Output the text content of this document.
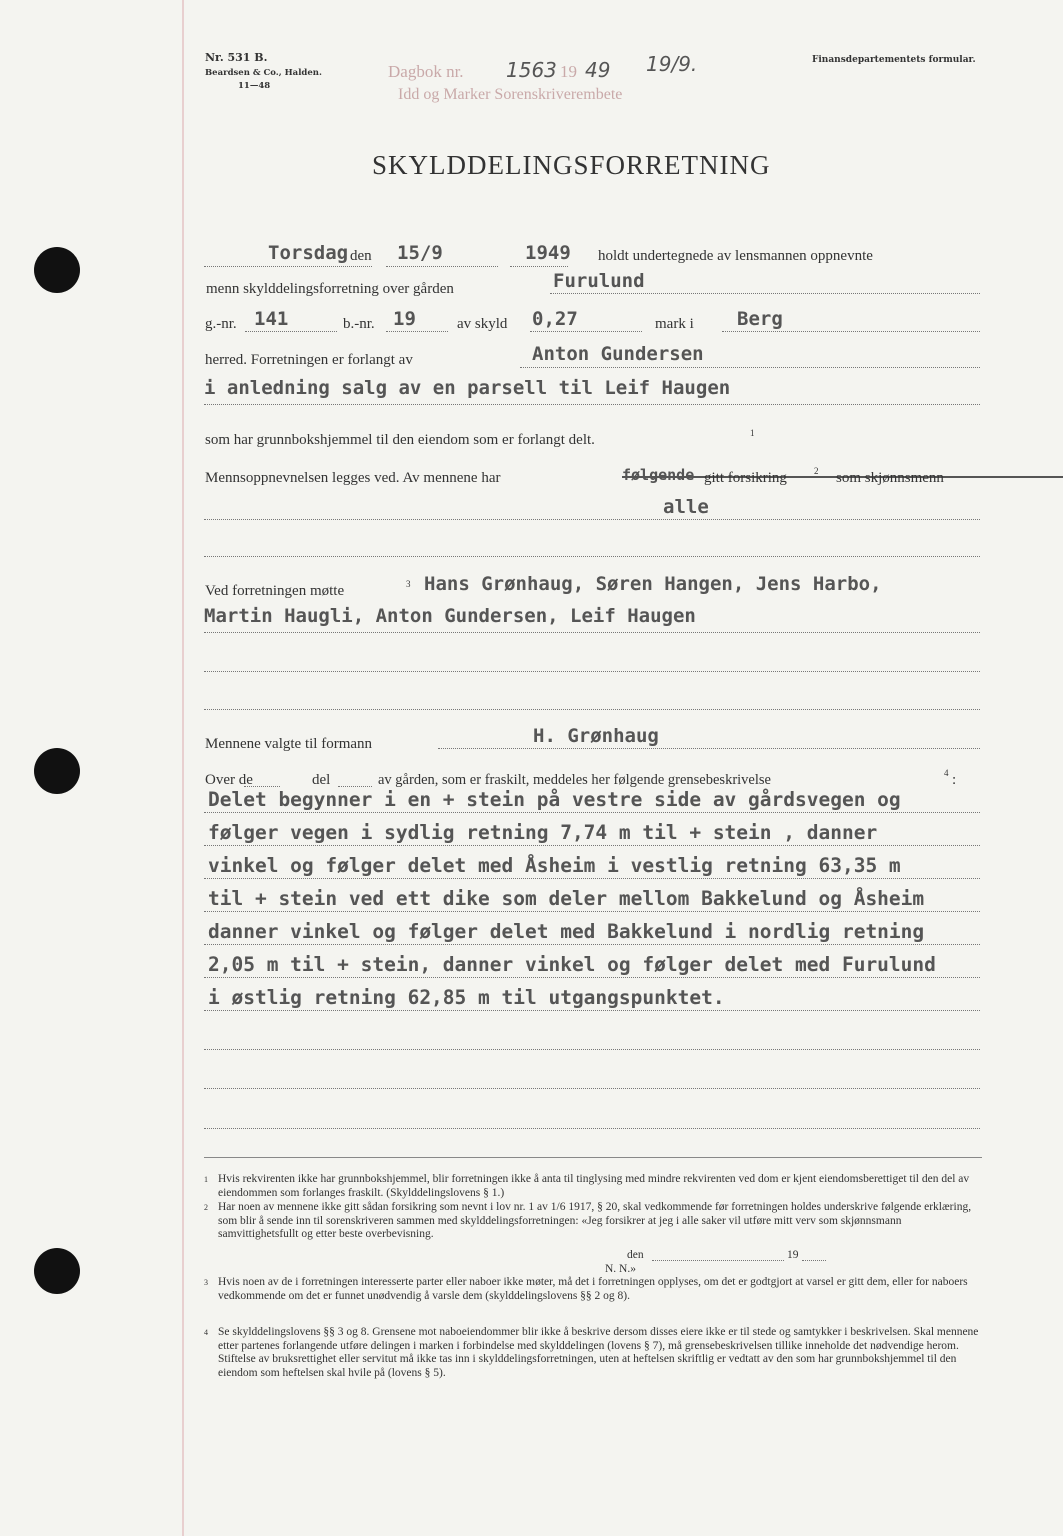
Nr. 531 B.
Beardsen & Co., Halden.
11—48
Finansdepartementets formular.
Dagbok nr. 1563 19 49 19/9.
Idd og Marker Sorenskriverembete
SKYLDDELINGSFORRETNING
Torsdag den 15/9	1949 holdt undertegnede av lensmannen oppnevnte
menn skylddelingsforretning over gården	Furulund
g.-nr. 141	b.-nr. 19	av skyld 0,27	mark i Berg
herred. Forretningen er forlangt av	Anton Gundersen
i anledning salg av en parsell til Leif Haugen
som har grunnbokshjemmel til den eiendom som er forlangt delt.	1
Mennsoppnevnelsen legges ved. Av mennene har	følgende gitt forsikring	2 som skjønnsmenn
alle
Ved forretningen møtte	3 Hans Grønhaug, Søren Hangen, Jens Harbo,
Martin Haugli, Anton Gundersen, Leif Haugen
Mennene valgte til formann	H. Grønhaug
Over de	del	av gården, som er fraskilt, meddeles her følgende grensebeskrivelse	4 :
Delet begynner i en + stein på vestre side av gårdsvegen og
følger vegen i sydlig retning 7,74 m til + stein , danner
vinkel og følger delet med Åsheim i vestlig retning 63,35 m
til + stein ved ett dike som deler mellom Bakkelund og Åsheim
danner vinkel og følger delet med Bakkelund i nordlig retning
2,05 m til + stein, danner vinkel og følger delet med Furulund
i østlig retning 62,85 m til utgangspunktet.
1 Hvis rekvirenten ikke har grunnbokshjemmel, blir forretningen ikke å anta til tinglysing med mindre rekvirenten ved dom er kjent eiendomsberettiget til den del av eiendommen som forlanges fraskilt. (Skylddelingslovens § 1.)
2 Har noen av mennene ikke gitt sådan forsikring som nevnt i lov nr. 1 av 1/6 1917, § 20, skal vedkommende før forretningen holdes underskrive følgende erklæring, som blir å sende inn til sorenskriveren sammen med skylddelingsforretningen: «Jeg forsikrer at jeg i alle saker vil utføre mitt verv som skjønnsmann samvittighetsfullt og etter beste overbevisning.
den	19
N. N.»
3 Hvis noen av de i forretningen interesserte parter eller naboer ikke møter, må det i forretningen opplyses, om det er godtgjort at varsel er gitt dem, eller for naboers vedkommende om det er funnet unødvendig å varsle dem (skylddelingslovens §§ 2 og 8).
4 Se skylddelingslovens §§ 3 og 8. Grensene mot naboeiendommer blir ikke å beskrive dersom disses eiere ikke er til stede og samtykker i beskrivelsen. Skal mennene etter partenes forlangende utføre delingen i marken i forbindelse med skylddelingen (lovens § 7), må grensebeskrivelsen tillike inneholde det nødvendige herom. Stiftelse av bruksrettighet eller servitut må ikke tas inn i skylddelingsforretningen, uten at heftelsen skriftlig er vedtatt av den som har grunnbokshjemmel til den eiendom som heftelsen skal hvile på (lovens § 5).
